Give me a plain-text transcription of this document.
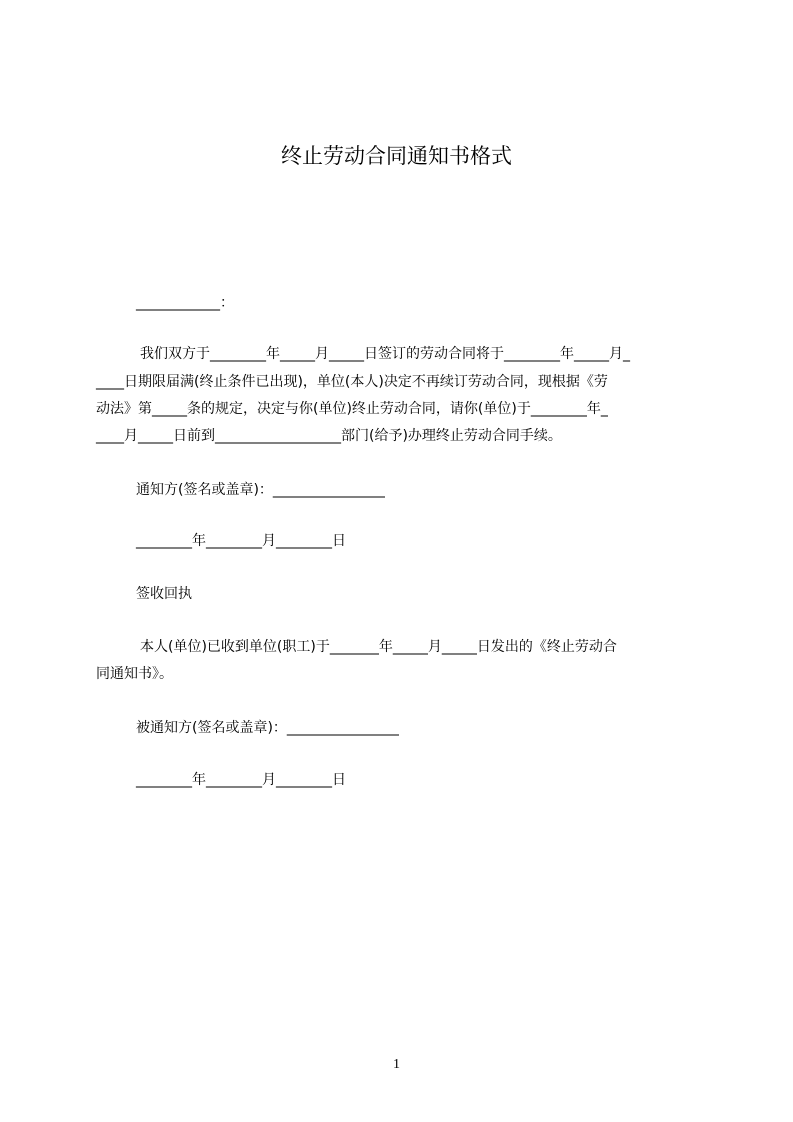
终止劳动合同通知书格式

____________：

我们双方于________年_____月_____日签订的劳动合同将于________年_____月_

____日期限届满(终止条件已出现)，单位(本人)决定不再续订劳动合同，现根据《劳

动法》第_____条的规定，决定与你(单位)终止劳动合同，请你(单位)于________年_

____月_____日前到__________________部门(给予)办理终止劳动合同手续。

通知方(签名或盖章)：________________

________年________月________日

签收回执

本人(单位)已收到单位(职工)于_______年_____月_____日发出的《终止劳动合

同通知书》。

被通知方(签名或盖章)：________________

________年________月________日

1
